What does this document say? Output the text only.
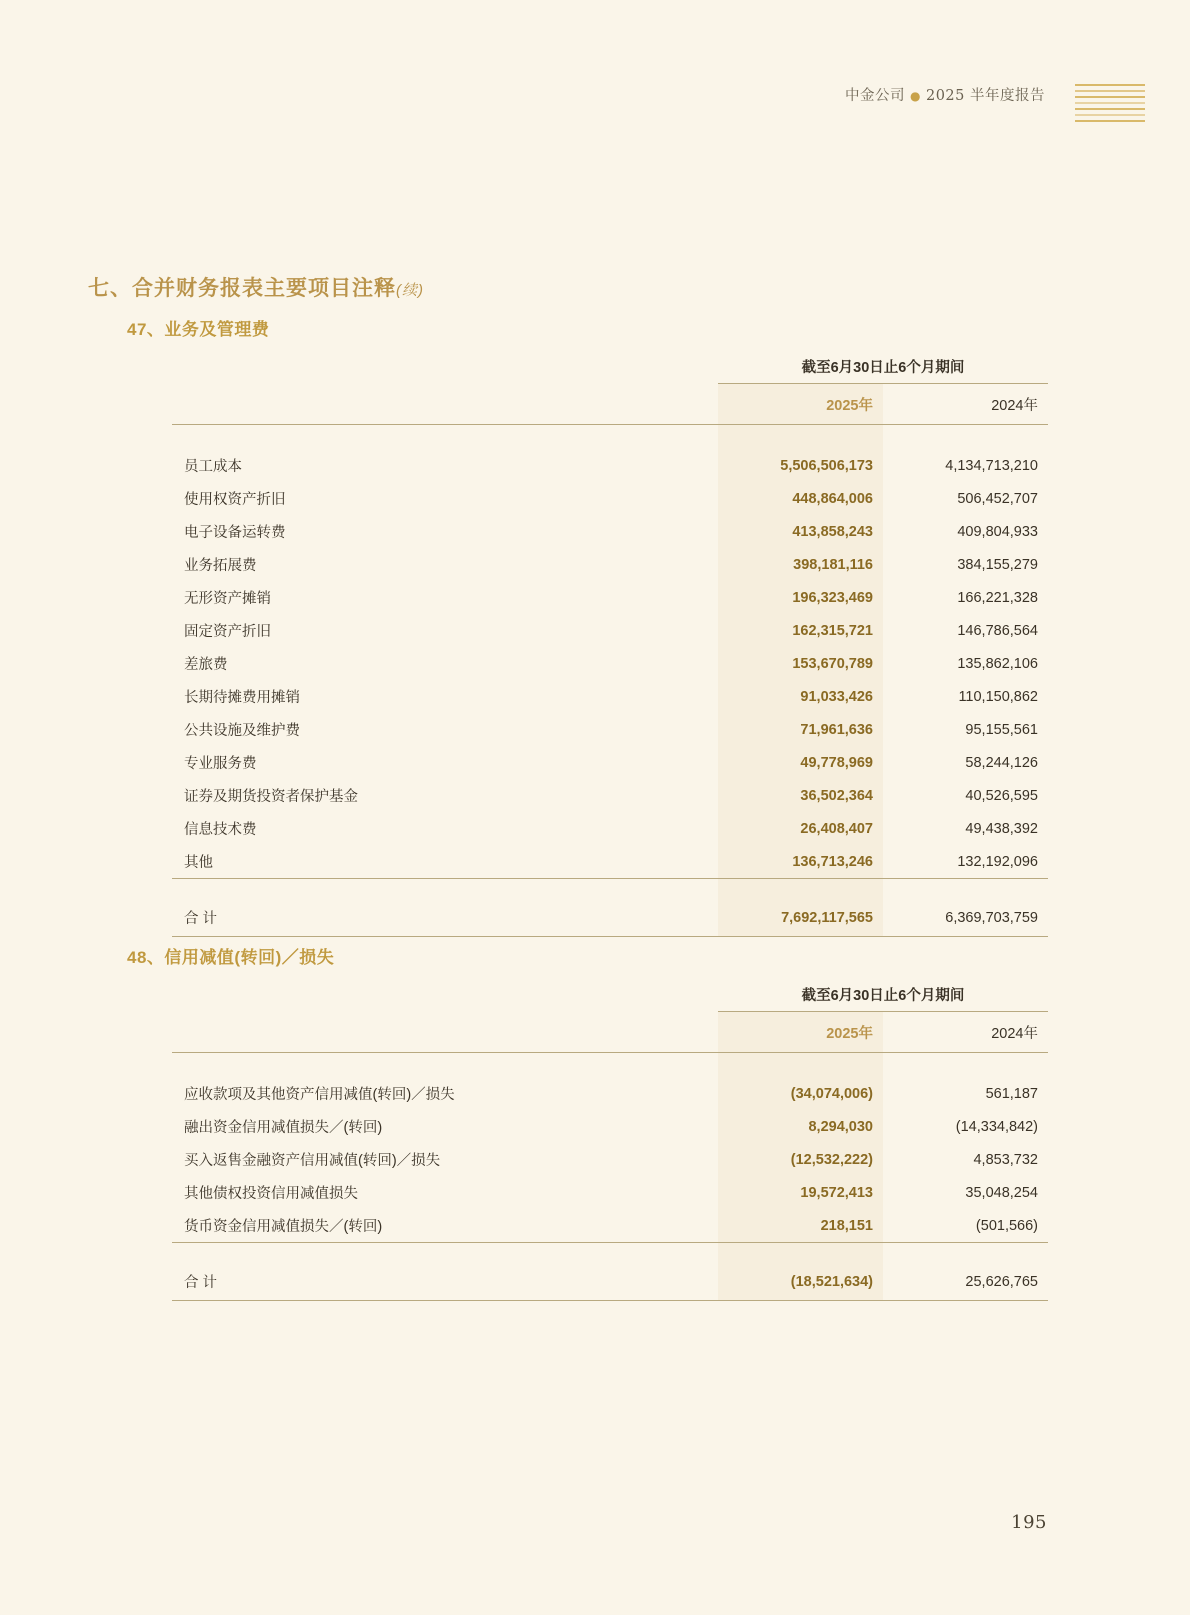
中金公司 ● 2025 半年度报告
七、合并财务报表主要项目注释(续)
47、业务及管理费
	截至6月30日止6个月期间	
	2025年	2024年

员工成本	5,506,506,173	4,134,713,210
使用权资产折旧	448,864,006	506,452,707
电子设备运转费	413,858,243	409,804,933
业务拓展费	398,181,116	384,155,279
无形资产摊销	196,323,469	166,221,328
固定资产折旧	162,315,721	146,786,564
差旅费	153,670,789	135,862,106
长期待摊费用摊销	91,033,426	110,150,862
公共设施及维护费	71,961,636	95,155,561
专业服务费	49,778,969	58,244,126
证券及期货投资者保护基金	36,502,364	40,526,595
信息技术费	26,408,407	49,438,392
其他	136,713,246	132,192,096

合计	7,692,117,565	6,369,703,759

48、信用减值(转回)／损失
	截至6月30日止6个月期间	
	2025年	2024年

应收款项及其他资产信用减值(转回)／损失	(34,074,006)	561,187
融出资金信用减值损失／(转回)	8,294,030	(14,334,842)
买入返售金融资产信用减值(转回)／损失	(12,532,222)	4,853,732
其他债权投资信用减值损失	19,572,413	35,048,254
货币资金信用减值损失／(转回)	218,151	(501,566)

合计	(18,521,634)	25,626,765

195
